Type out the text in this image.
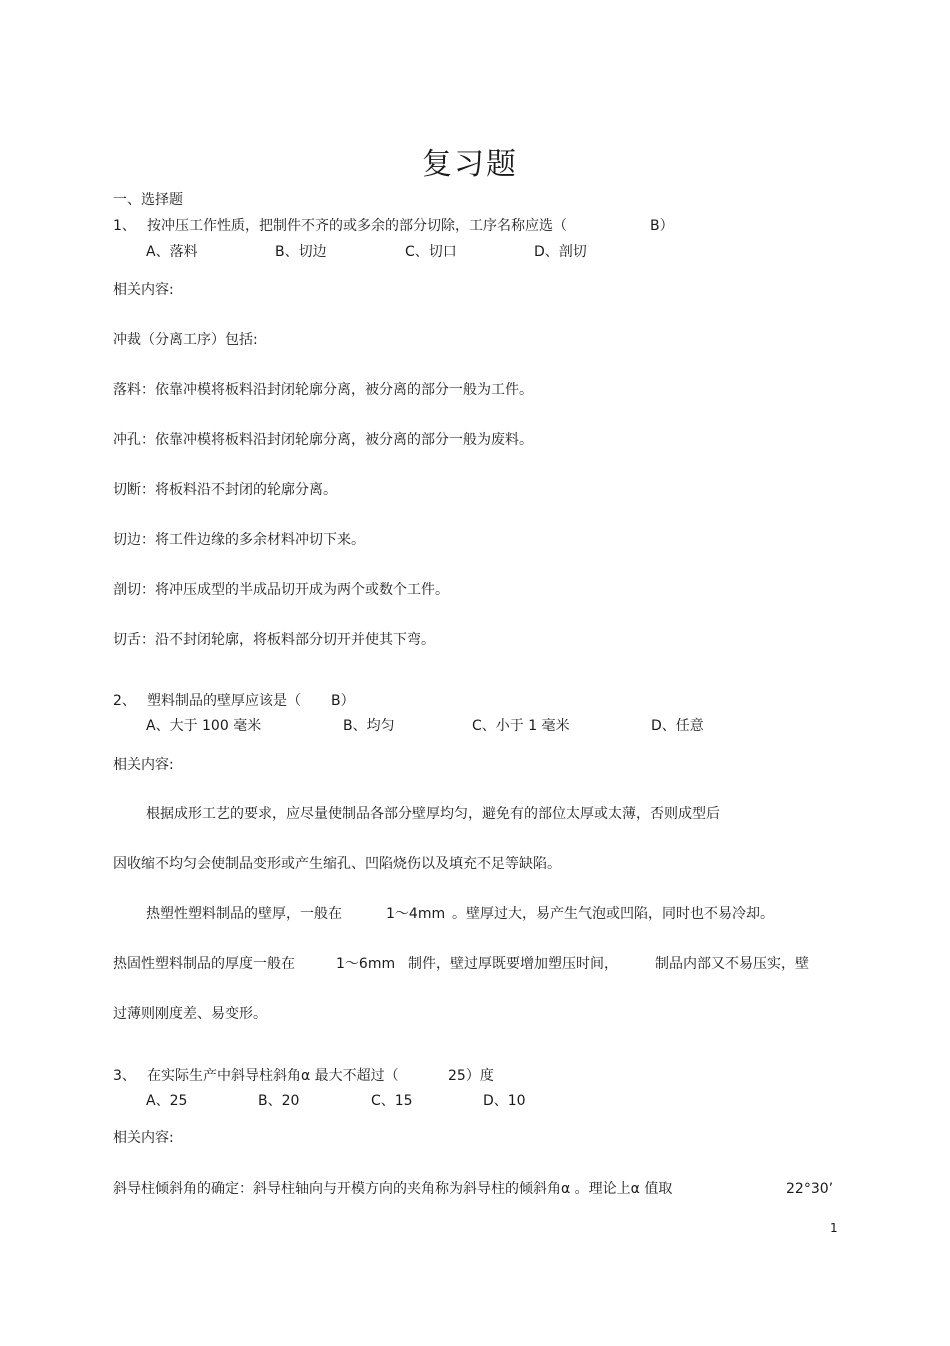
复习题
一、选择题
1、 按冲压工作性质，把制件不齐的或多余的部分切除，工序名称应选（	B）
A、落料	B、切边	C、切口	D、剖切
相关内容:
冲裁（分离工序）包括:
落料：依靠冲模将板料沿封闭轮廓分离，被分离的部分一般为工件。
冲孔：依靠冲模将板料沿封闭轮廓分离，被分离的部分一般为废料。
切断：将板料沿不封闭的轮廓分离。
切边：将工件边缘的多余材料冲切下来。
剖切：将冲压成型的半成品切开成为两个或数个工件。
切舌：沿不封闭轮廓，将板料部分切开并使其下弯。
2、 塑料制品的壁厚应该是（ B）
A、大于 100 毫米	B、均匀	C、小于 1 毫米	D、任意
相关内容:
根据成形工艺的要求，应尽量使制品各部分壁厚均匀，避免有的部位太厚或太薄，否则成型后
因收缩不均匀会使制品变形或产生缩孔、凹陷烧伤以及填充不足等缺陷。
热塑性塑料制品的壁厚，一般在	1～4mm 。壁厚过大，易产生气泡或凹陷，同时也不易冷却。
热固性塑料制品的厚度一般在	1～6mm 制件，壁过厚既要增加塑压时间，	制品内部又不易压实，壁
过薄则刚度差、易变形。
3、 在实际生产中斜导柱斜角α 最大不超过（	25）度
A、25	B、20	C、15	D、10
相关内容:
斜导柱倾斜角的确定：斜导柱轴向与开模方向的夹角称为斜导柱的倾斜角α 。理论上α 值取	22°30’
1
